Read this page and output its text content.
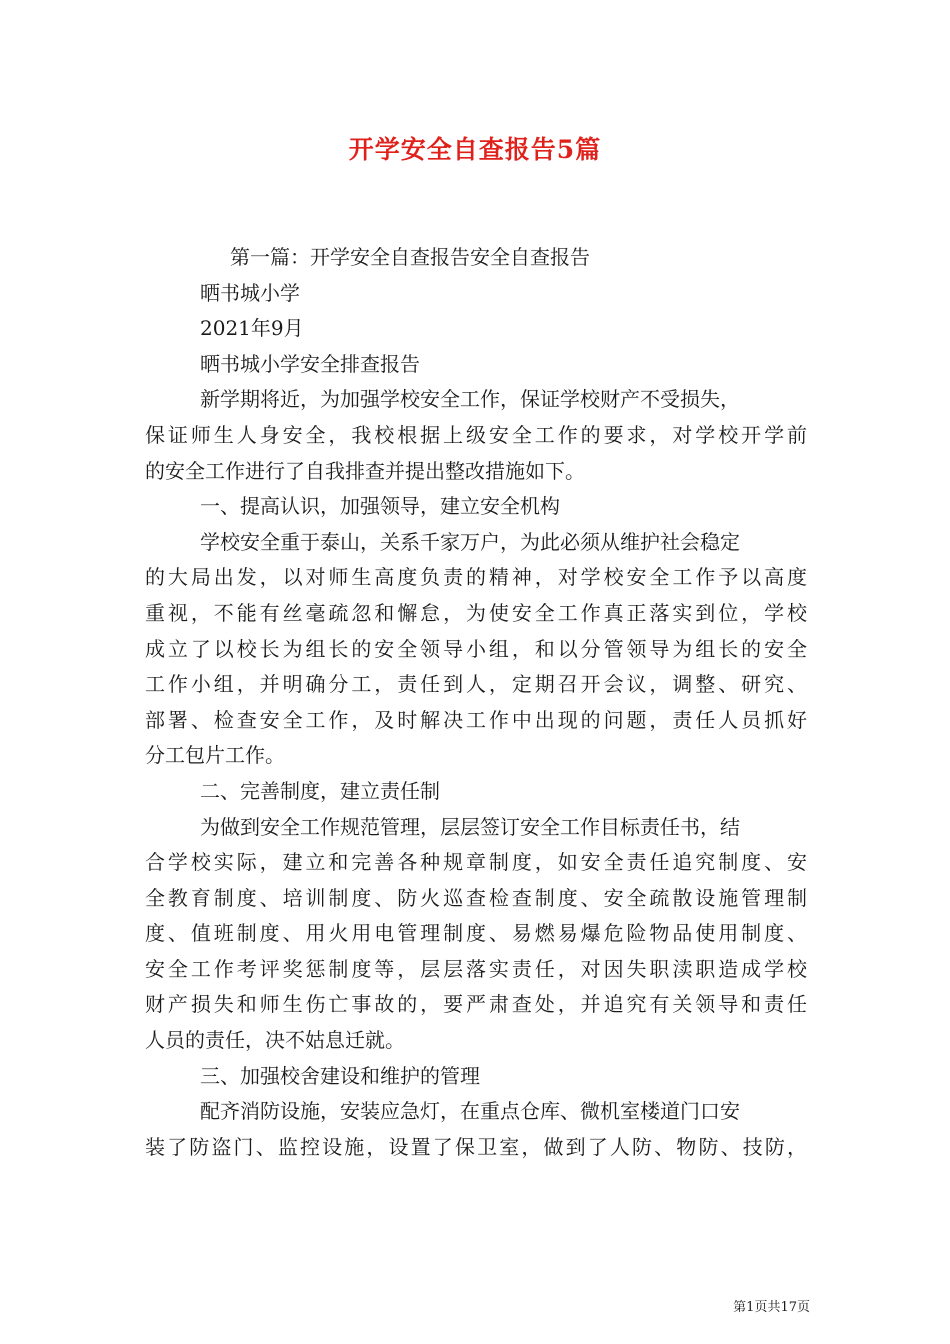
开学安全自查报告5篇
第一篇：开学安全自查报告安全自查报告
晒书城小学
2021年9月
晒书城小学安全排查报告
新学期将近，为加强学校安全工作，保证学校财产不受损失，
保证师生人身安全，我校根据上级安全工作的要求，对学校开学前
的安全工作进行了自我排查并提出整改措施如下。
一、提高认识，加强领导，建立安全机构
学校安全重于泰山，关系千家万户，为此必须从维护社会稳定
的大局出发，以对师生高度负责的精神，对学校安全工作予以高度
重视，不能有丝毫疏忽和懈怠，为使安全工作真正落实到位，学校
成立了以校长为组长的安全领导小组，和以分管领导为组长的安全
工作小组，并明确分工，责任到人，定期召开会议，调整、研究、
部署、检查安全工作，及时解决工作中出现的问题，责任人员抓好
分工包片工作。
二、完善制度，建立责任制
为做到安全工作规范管理，层层签订安全工作目标责任书，结
合学校实际，建立和完善各种规章制度，如安全责任追究制度、安
全教育制度、培训制度、防火巡查检查制度、安全疏散设施管理制
度、值班制度、用火用电管理制度、易燃易爆危险物品使用制度、
安全工作考评奖惩制度等，层层落实责任，对因失职渎职造成学校
财产损失和师生伤亡事故的，要严肃查处，并追究有关领导和责任
人员的责任，决不姑息迁就。
三、加强校舍建设和维护的管理
配齐消防设施，安装应急灯，在重点仓库、微机室楼道门口安
装了防盗门、监控设施，设置了保卫室，做到了人防、物防、技防，
第1页共17页
